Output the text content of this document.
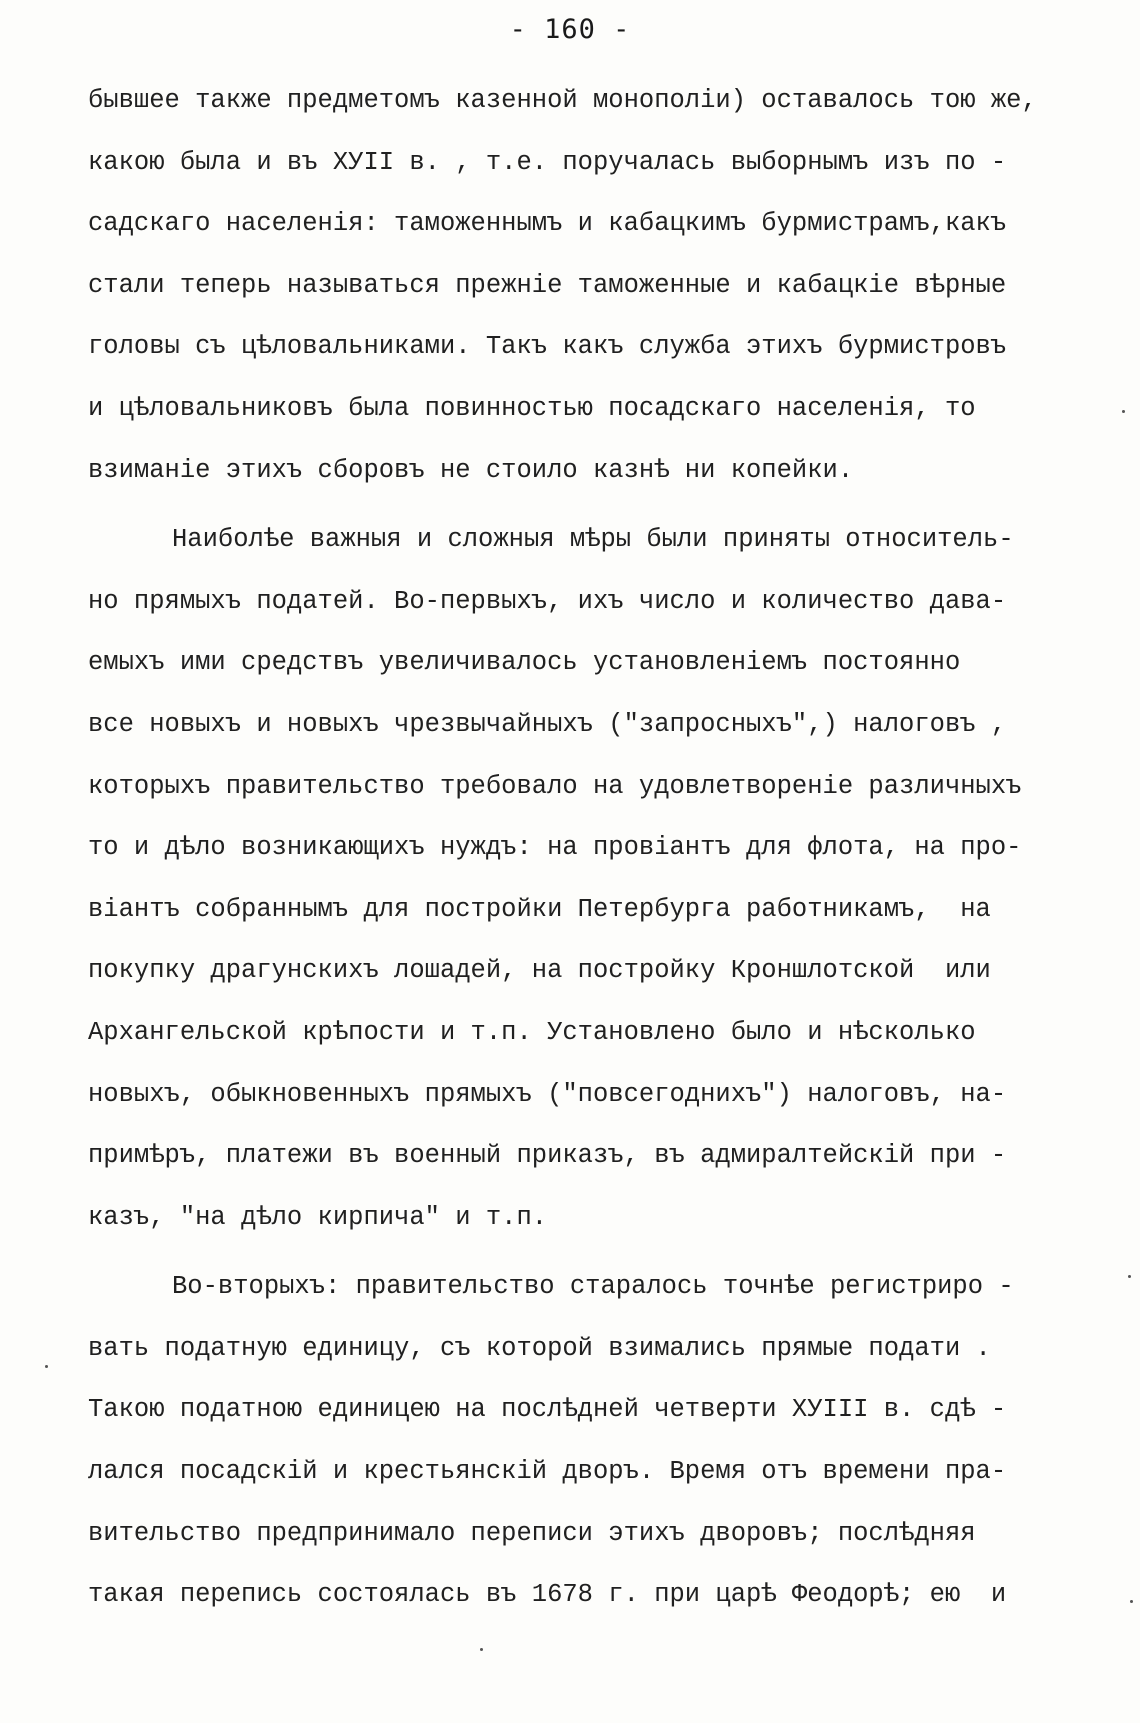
- 160 -
бывшее также предметомъ казенной монополіи) оставалось тою же,
какою была и въ ХУII в. , т.е. поручалась выборнымъ изъ по -
садскаго населенія: таможеннымъ и кабацкимъ бурмистрамъ,какъ
стали теперь называться прежніе таможенные и кабацкіе вѣрные
головы съ цѣловальниками. Такъ какъ служба этихъ бурмистровъ
и цѣловальниковъ была повинностью посадскаго населенія, то
взиманіе этихъ сборовъ не стоило казнѣ ни копейки.
Наиболѣе важныя и сложныя мѣры были приняты относитель-
но прямыхъ податей. Во-первыхъ, ихъ число и количество дава-
емыхъ ими средствъ увеличивалось установленіемъ постоянно
все новыхъ и новыхъ чрезвычайныхъ ("запросныхъ",) налоговъ ,
которыхъ правительство требовало на удовлетвореніе различныхъ
то и дѣло возникающихъ нуждъ: на провіантъ для флота, на про-
віантъ собраннымъ для постройки Петербурга работникамъ,  на
покупку драгунскихъ лошадей, на постройку Кроншлотской  или
Архангельской крѣпости и т.п. Установлено было и нѣсколько
новыхъ, обыкновенныхъ прямыхъ ("повсегоднихъ") налоговъ, на-
примѣръ, платежи въ военный приказъ, въ адмиралтейскій при -
казъ, "на дѣло кирпича" и т.п.
Во-вторыхъ: правительство старалось точнѣе регистриро -
вать податную единицу, съ которой взимались прямые подати .
Такою податною единицею на послѣдней четверти ХУIII в. сдѣ -
лался посадскій и крестьянскій дворъ. Время отъ времени пра-
вительство предпринимало переписи этихъ дворовъ; послѣдняя
такая перепись состоялась въ 1678 г. при царѣ Феодорѣ; ею  и
